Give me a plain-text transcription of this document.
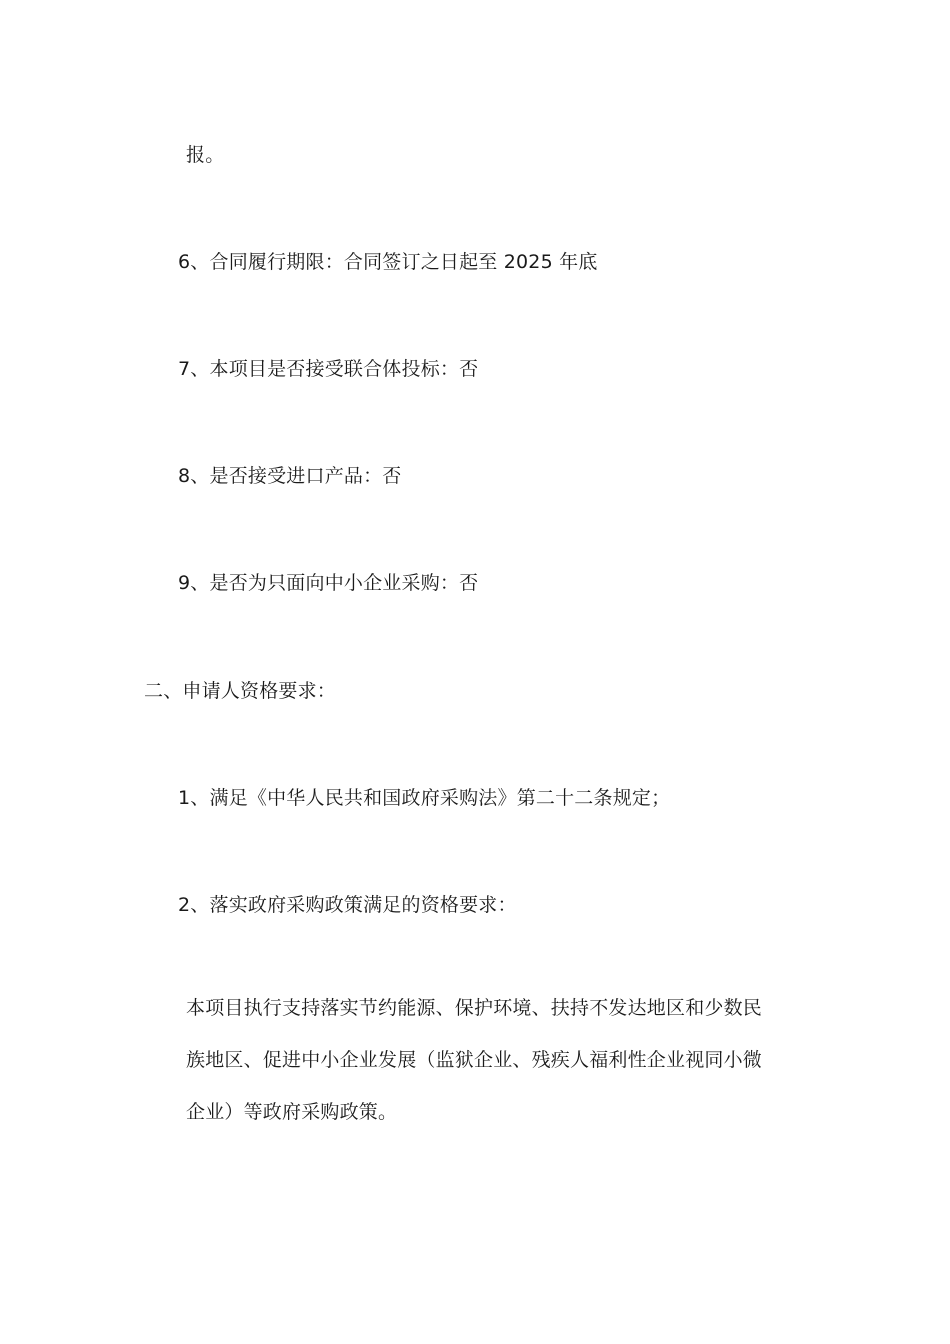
报。
6、合同履行期限：合同签订之日起至 2025 年底
7、本项目是否接受联合体投标：否
8、是否接受进口产品：否
9、是否为只面向中小企业采购：否
二、申请人资格要求：
1、满足《中华人民共和国政府采购法》第二十二条规定；
2、落实政府采购政策满足的资格要求：
本项目执行支持落实节约能源、保护环境、扶持不发达地区和少数民
族地区、促进中小企业发展（监狱企业、残疾人福利性企业视同小微
企业）等政府采购政策。
